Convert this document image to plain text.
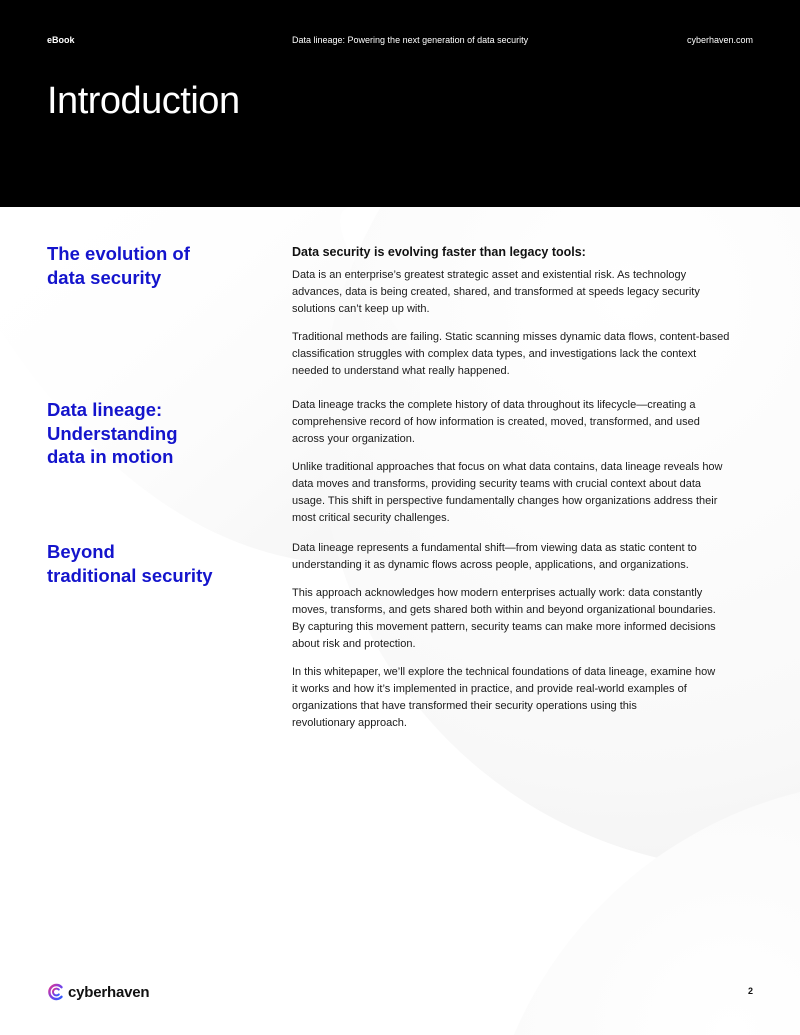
eBook	Data lineage: Powering the next generation of data security	cyberhaven.com
Introduction
The evolution of
data security

Data security is evolving faster than legacy tools:

Data is an enterprise’s greatest strategic asset and existential risk. As technology
advances, data is being created, shared, and transformed at speeds legacy security
solutions can’t keep up with.

Traditional methods are failing. Static scanning misses dynamic data flows, content-based
classification struggles with complex data types, and investigations lack the context
needed to understand what really happened.

Data lineage:
Understanding
data in motion

Data lineage tracks the complete history of data throughout its lifecycle—creating a
comprehensive record of how information is created, moved, transformed, and used
across your organization.

Unlike traditional approaches that focus on what data contains, data lineage reveals how
data moves and transforms, providing security teams with crucial context about data
usage. This shift in perspective fundamentally changes how organizations address their
most critical security challenges.

Beyond
traditional security

Data lineage represents a fundamental shift—from viewing data as static content to
understanding it as dynamic flows across people, applications, and organizations.

This approach acknowledges how modern enterprises actually work: data constantly
moves, transforms, and gets shared both within and beyond organizational boundaries.
By capturing this movement pattern, security teams can make more informed decisions
about risk and protection.

In this whitepaper, we’ll explore the technical foundations of data lineage, examine how
it works and how it’s implemented in practice, and provide real-world examples of
organizations that have transformed their security operations using this
revolutionary approach.

cyberhaven	2
